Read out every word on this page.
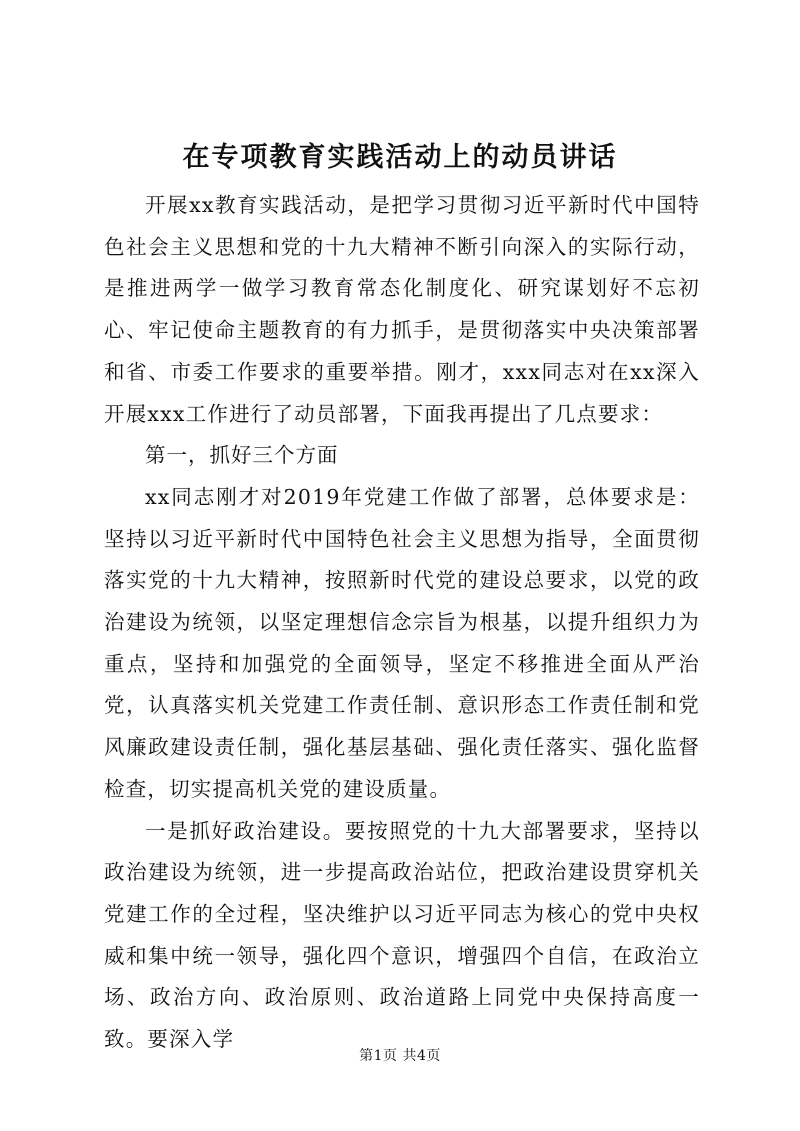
在专项教育实践活动上的动员讲话

开展xx教育实践活动，是把学习贯彻习近平新时代中国特色社会主义思想和党的十九大精神不断引向深入的实际行动，是推进两学一做学习教育常态化制度化、研究谋划好不忘初心、牢记使命主题教育的有力抓手，是贯彻落实中央决策部署和省、市委工作要求的重要举措。刚才，xxx同志对在xx深入开展xxx工作进行了动员部署，下面我再提出了几点要求：

第一，抓好三个方面

xx同志刚才对2019年党建工作做了部署，总体要求是：坚持以习近平新时代中国特色社会主义思想为指导，全面贯彻落实党的十九大精神，按照新时代党的建设总要求，以党的政治建设为统领，以坚定理想信念宗旨为根基，以提升组织力为重点，坚持和加强党的全面领导，坚定不移推进全面从严治党，认真落实机关党建工作责任制、意识形态工作责任制和党风廉政建设责任制，强化基层基础、强化责任落实、强化监督检查，切实提高机关党的建设质量。

一是抓好政治建设。要按照党的十九大部署要求，坚持以政治建设为统领，进一步提高政治站位，把政治建设贯穿机关党建工作的全过程，坚决维护以习近平同志为核心的党中央权威和集中统一领导，强化四个意识，增强四个自信，在政治立场、政治方向、政治原则、政治道路上同党中央保持高度一致。要深入学

第1页 共4页
